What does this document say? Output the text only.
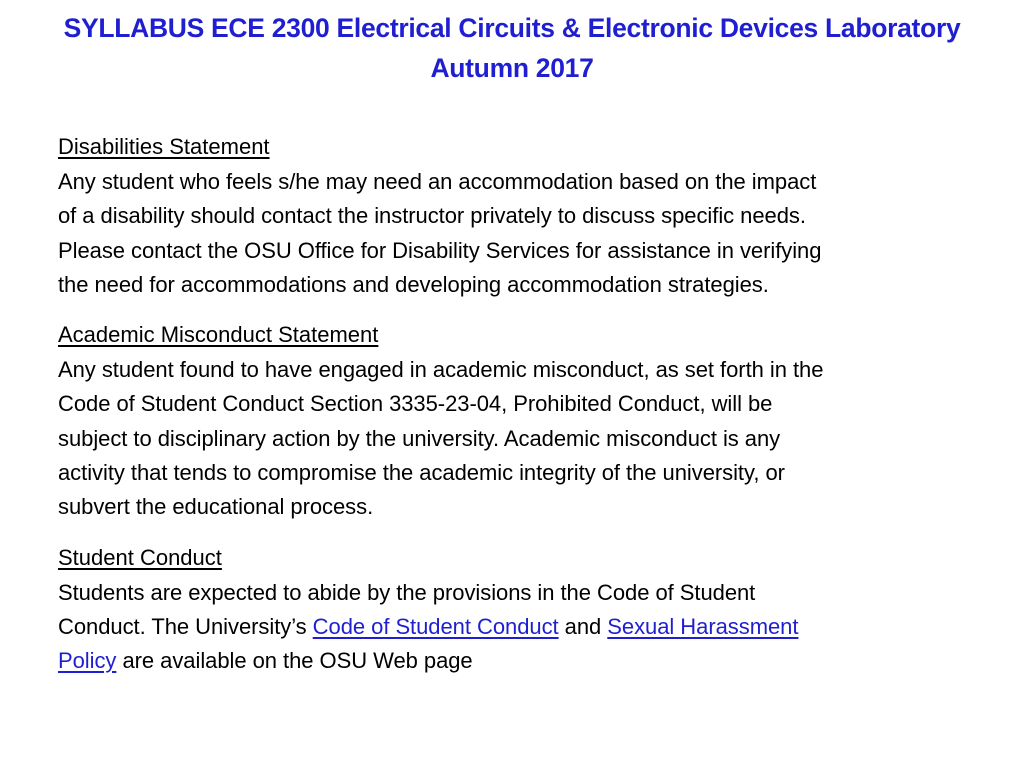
SYLLABUS ECE 2300 Electrical Circuits & Electronic Devices Laboratory
Autumn 2017
Disabilities Statement

Any student who feels s/he may need an accommodation based on the impact
of a disability should contact the instructor privately to discuss specific needs.
Please contact the OSU Office for Disability Services for assistance in verifying
the need for accommodations and developing accommodation strategies.

Academic Misconduct Statement

Any student found to have engaged in academic misconduct, as set forth in the
Code of Student Conduct Section 3335-23-04, Prohibited Conduct, will be
subject to disciplinary action by the university. Academic misconduct is any
activity that tends to compromise the academic integrity of the university, or
subvert the educational process.

Student Conduct

Students are expected to abide by the provisions in the Code of Student
Conduct. The University’s Code of Student Conduct and Sexual Harassment
Policy are available on the OSU Web page
